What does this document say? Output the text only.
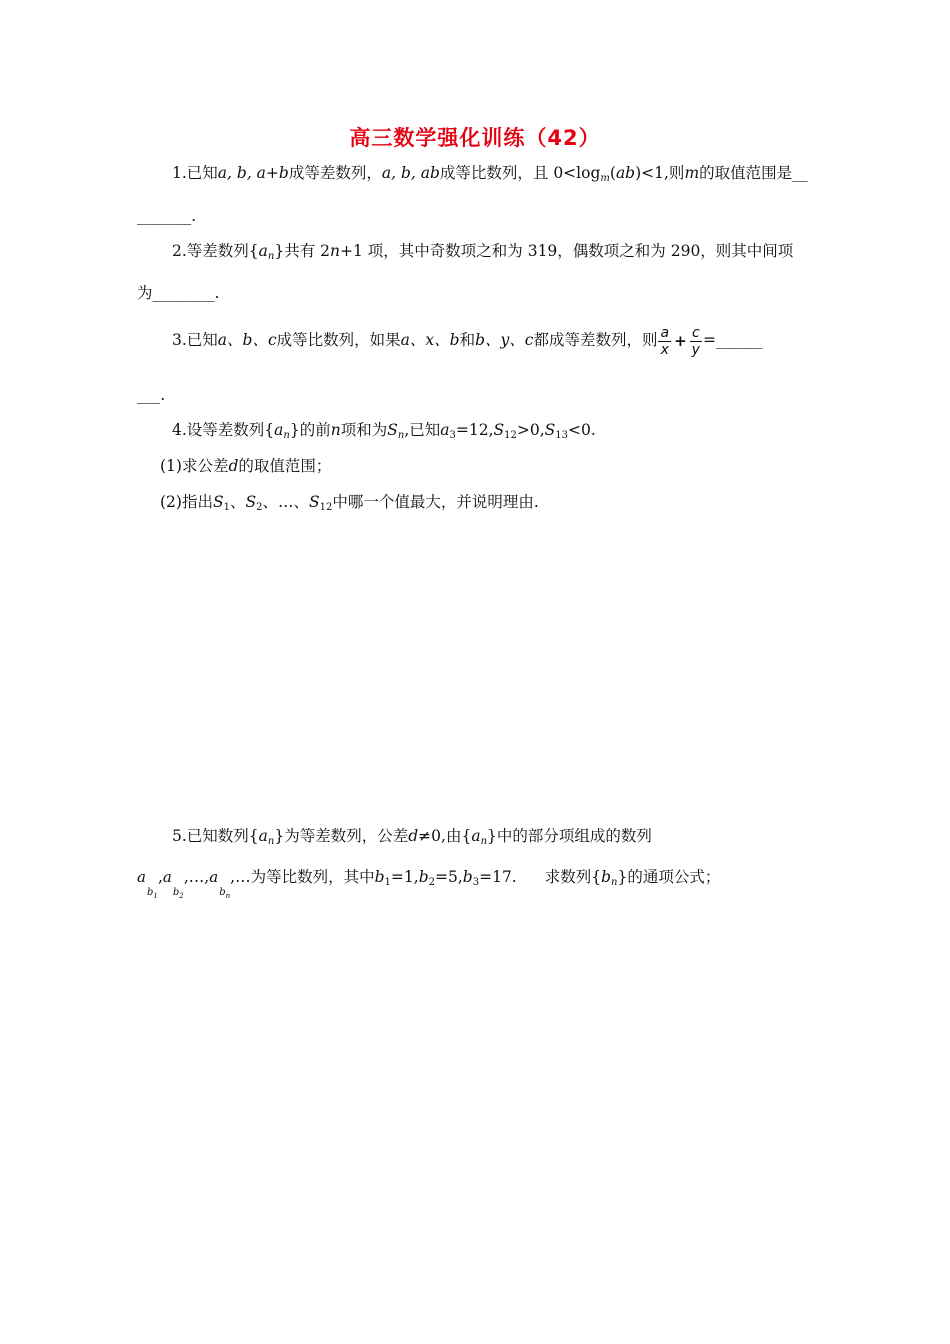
高三数学强化训练（42）
1.已知a, b, a+b成等差数列，a, b, ab成等比数列，且 $0<\log_m(ab)<1$,则m的取值范围是__
_______.
2.等差数列$\{a_n\}$共有 2n+1 项，其中奇数项之和为 319，偶数项之和为 290，则其中间项
为________.
3.已知a、b、c成等比数列，如果a、x、b和b、y、c都成等差数列，则 $\frac{a}{x} + \frac{c}{y}$ =______
___.
4.设等差数列$\{a_n\}$的前n项和为$S_n$,已知$a_3=12,S_{12}>0,S_{13}<0$.
(1)求公差d的取值范围；
(2)指出$S_1$、$S_2$、…、$S_{12}$中哪一个值最大，并说明理由.
5.已知数列$\{a_n\}$为等差数列，公差d≠0,由$\{a_n\}$中的部分项组成的数列
a
$b_1$
,a
$b_2$
,…,a
$b_n$
,…为等比数列，其中$b_1=1,b_2=5,b_3=17$. 求数列$\{b_n\}$的通项公式；
